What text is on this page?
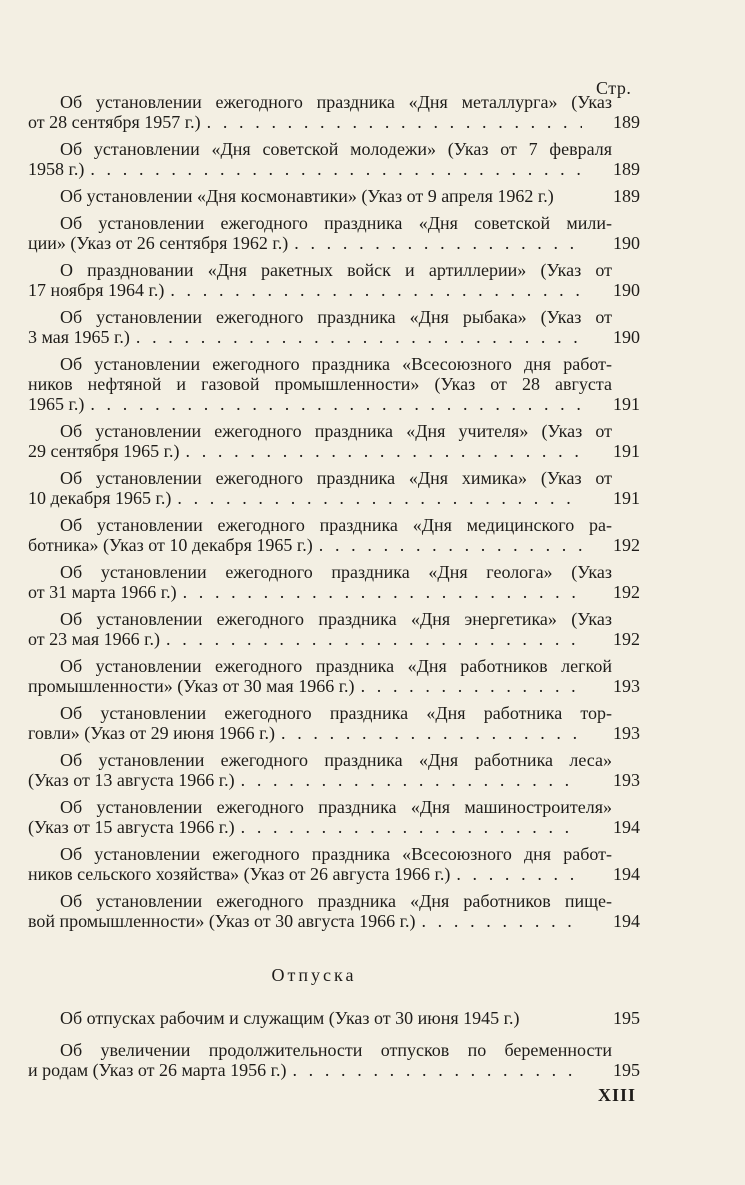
Стр.
Об установлении ежегодного праздника «Дня металлурга» (Указ
от 28 сентября 1957 г.) . . .	189
Об установлении «Дня советской молодежи» (Указ от 7 февраля
1958 г.) . . .	189
Об установлении «Дня космонавтики» (Указ от 9 апреля 1962 г.)	189
Об установлении ежегодного праздника «Дня советской мили-
ции» (Указ от 26 сентября 1962 г.) . . .	190
О праздновании «Дня ракетных войск и артиллерии» (Указ от
17 ноября 1964 г.) . . .	190
Об установлении ежегодного праздника «Дня рыбака» (Указ от
3 мая 1965 г.) . . .	190
Об установлении ежегодного праздника «Всесоюзного дня работ-
ников нефтяной и газовой промышленности» (Указ от 28 августа
1965 г.) . . .	191
Об установлении ежегодного праздника «Дня учителя» (Указ от
29 сентября 1965 г.) . . .	191
Об установлении ежегодного праздника «Дня химика» (Указ от
10 декабря 1965 г.) . . .	191
Об установлении ежегодного праздника «Дня медицинского ра-
ботника» (Указ от 10 декабря 1965 г.) . . .	192
Об установлении ежегодного праздника «Дня геолога» (Указ
от 31 марта 1966 г.) . . .	192
Об установлении ежегодного праздника «Дня энергетика» (Указ
от 23 мая 1966 г.) . . .	192
Об установлении ежегодного праздника «Дня работников легкой
промышленности» (Указ от 30 мая 1966 г.) . . .	193
Об установлении ежегодного праздника «Дня работника тор-
говли» (Указ от 29 июня 1966 г.) . . .	193
Об установлении ежегодного праздника «Дня работника леса»
(Указ от 13 августа 1966 г.) . . .	193
Об установлении ежегодного праздника «Дня машиностроителя»
(Указ от 15 августа 1966 г.) . . .	194
Об установлении ежегодного праздника «Всесоюзного дня работ-
ников сельского хозяйства» (Указ от 26 августа 1966 г.) . . .	194
Об установлении ежегодного праздника «Дня работников пище-
вой промышленности» (Указ от 30 августа 1966 г.) . . .	194
Отпуска
Об отпусках рабочим и служащим (Указ от 30 июня 1945 г.)	195
Об увеличении продолжительности отпусков по беременности
и родам (Указ от 26 марта 1956 г.) . . .	195
XIII
